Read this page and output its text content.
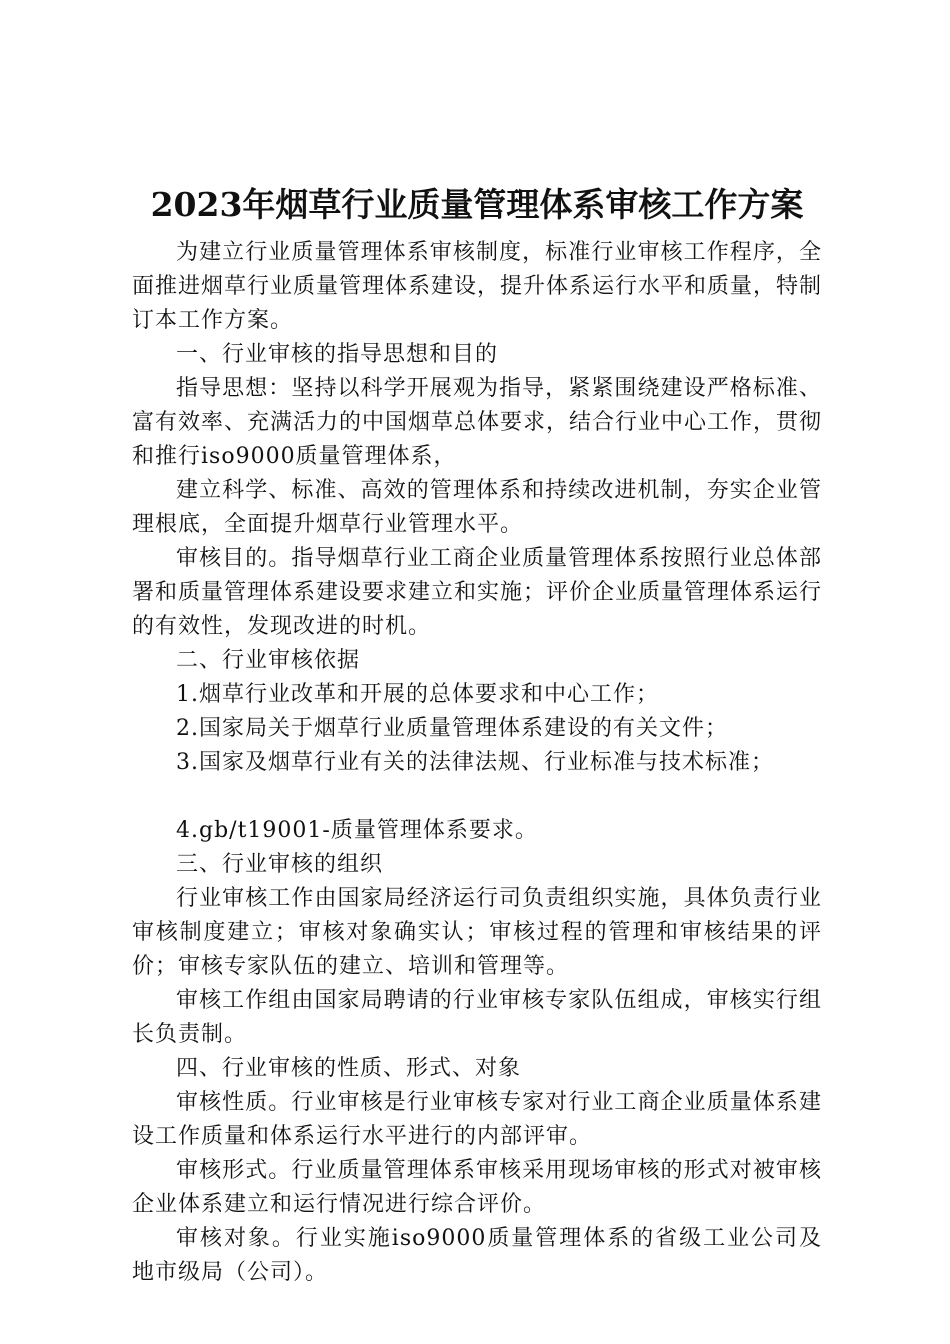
2023年烟草行业质量管理体系审核工作方案

为建立行业质量管理体系审核制度，标准行业审核工作程序，全面推进烟草行业质量管理体系建设，提升体系运行水平和质量，特制订本工作方案。

一、行业审核的指导思想和目的

指导思想：坚持以科学开展观为指导，紧紧围绕建设严格标准、富有效率、充满活力的中国烟草总体要求，结合行业中心工作，贯彻和推行iso9000质量管理体系，

建立科学、标准、高效的管理体系和持续改进机制，夯实企业管理根底，全面提升烟草行业管理水平。

审核目的。指导烟草行业工商企业质量管理体系按照行业总体部署和质量管理体系建设要求建立和实施；评价企业质量管理体系运行的有效性，发现改进的时机。

二、行业审核依据

1.烟草行业改革和开展的总体要求和中心工作；

2.国家局关于烟草行业质量管理体系建设的有关文件；

3.国家及烟草行业有关的法律法规、行业标准与技术标准；

4.gb/t19001-质量管理体系要求。

三、行业审核的组织

行业审核工作由国家局经济运行司负责组织实施，具体负责行业审核制度建立；审核对象确实认；审核过程的管理和审核结果的评价；审核专家队伍的建立、培训和管理等。

审核工作组由国家局聘请的行业审核专家队伍组成，审核实行组长负责制。

四、行业审核的性质、形式、对象

审核性质。行业审核是行业审核专家对行业工商企业质量体系建设工作质量和体系运行水平进行的内部评审。

审核形式。行业质量管理体系审核采用现场审核的形式对被审核企业体系建立和运行情况进行综合评价。

审核对象。行业实施iso9000质量管理体系的省级工业公司及地市级局（公司）。
